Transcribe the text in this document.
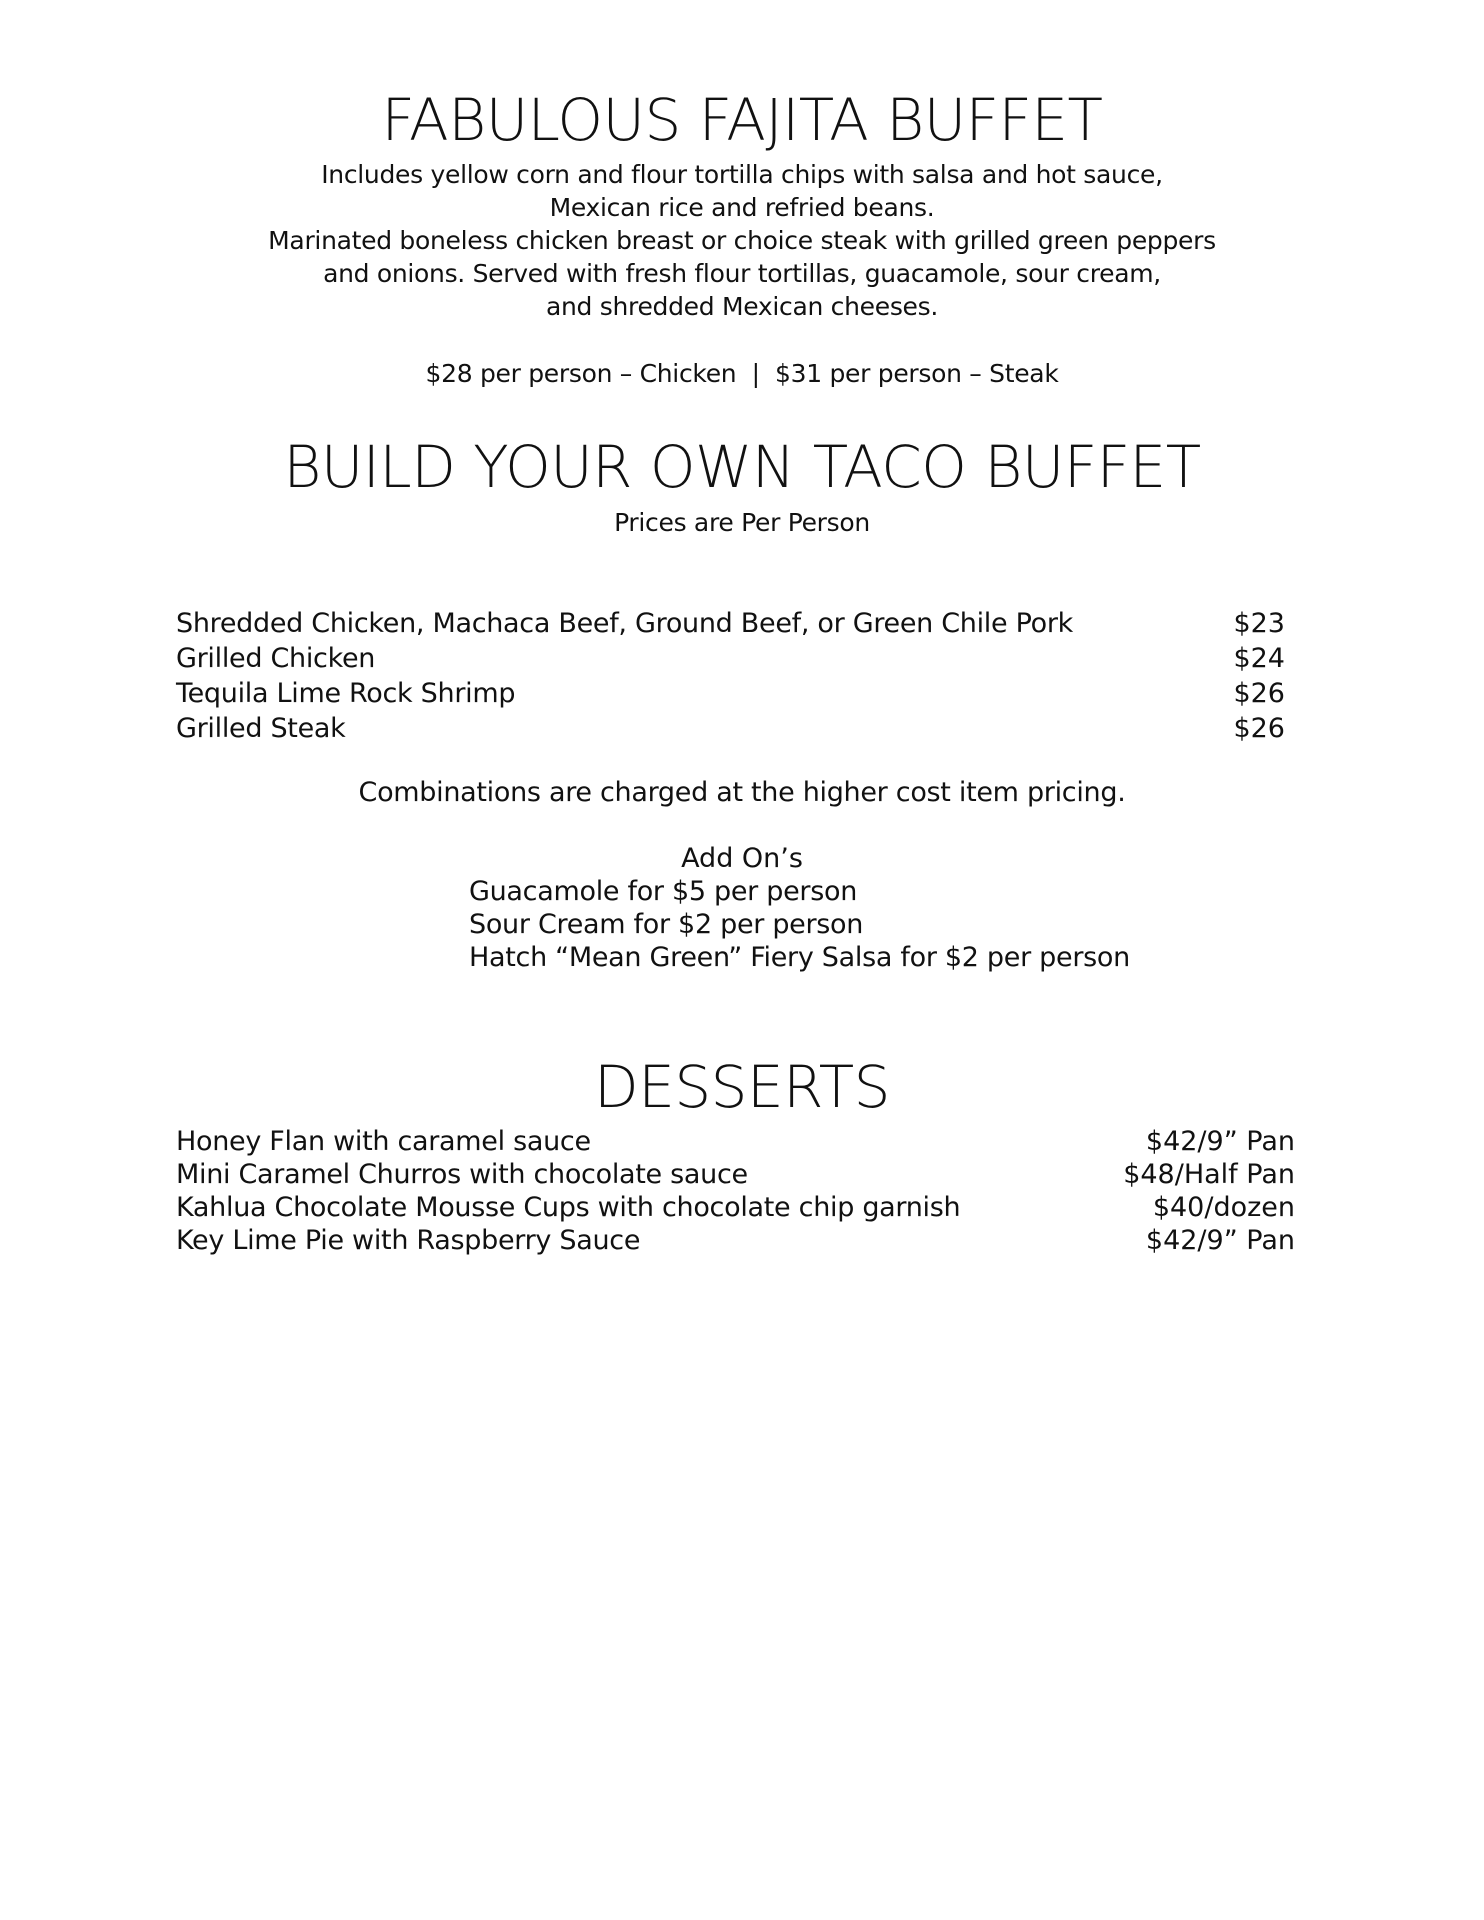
FABULOUS FAJITA BUFFET
Includes yellow corn and flour tortilla chips with salsa and hot sauce,
Mexican rice and refried beans.
Marinated boneless chicken breast or choice steak with grilled green peppers
and onions. Served with fresh flour tortillas, guacamole, sour cream,
and shredded Mexican cheeses.
$28 per person – Chicken  |  $31 per person – Steak
BUILD YOUR OWN TACO BUFFET
Prices are Per Person
Shredded Chicken, Machaca Beef, Ground Beef, or Green Chile Pork	$23
Grilled Chicken	$24
Tequila Lime Rock Shrimp	$26
Grilled Steak	$26
Combinations are charged at the higher cost item pricing.
Add On’s
Guacamole for $5 per person
Sour Cream for $2 per person
Hatch “Mean Green” Fiery Salsa for $2 per person
DESSERTS
Honey Flan with caramel sauce	$42/9” Pan
Mini Caramel Churros with chocolate sauce	$48/Half Pan
Kahlua Chocolate Mousse Cups with chocolate chip garnish	$40/dozen
Key Lime Pie with Raspberry Sauce	$42/9” Pan
